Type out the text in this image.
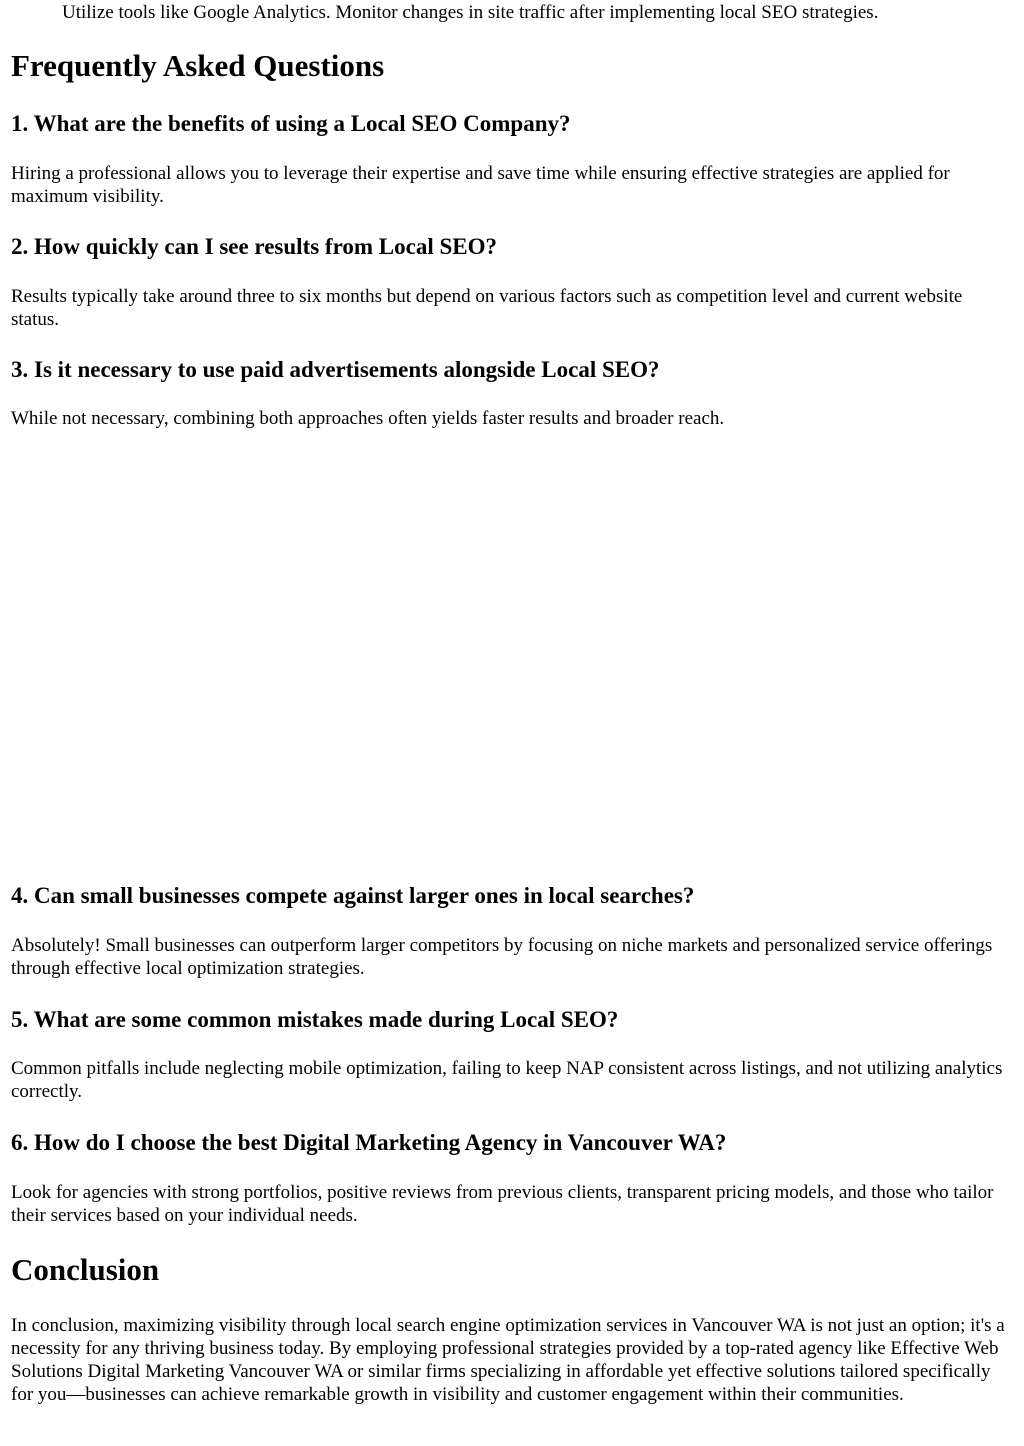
Utilize tools like Google Analytics. Monitor changes in site traffic after implementing local SEO strategies.

Frequently Asked Questions
1. What are the benefits of using a Local SEO Company?

Hiring a professional allows you to leverage their expertise and save time while ensuring effective strategies are applied for maximum visibility.

2. How quickly can I see results from Local SEO?

Results typically take around three to six months but depend on various factors such as competition level and current website status.

3. Is it necessary to use paid advertisements alongside Local SEO?

While not necessary, combining both approaches often yields faster results and broader reach.

4. Can small businesses compete against larger ones in local searches?

Absolutely! Small businesses can outperform larger competitors by focusing on niche markets and personalized service offerings through effective local optimization strategies.

5. What are some common mistakes made during Local SEO?

Common pitfalls include neglecting mobile optimization, failing to keep NAP consistent across listings, and not utilizing analytics correctly.

6. How do I choose the best Digital Marketing Agency in Vancouver WA?

Look for agencies with strong portfolios, positive reviews from previous clients, transparent pricing models, and those who tailor their services based on your individual needs.

Conclusion

In conclusion, maximizing visibility through local search engine optimization services in Vancouver WA is not just an option; it's a necessity for any thriving business today. By employing professional strategies provided by a top-rated agency like Effective Web Solutions Digital Marketing Vancouver WA or similar firms specializing in affordable yet effective solutions tailored specifically for you—businesses can achieve remarkable growth in visibility and customer engagement within their communities.
